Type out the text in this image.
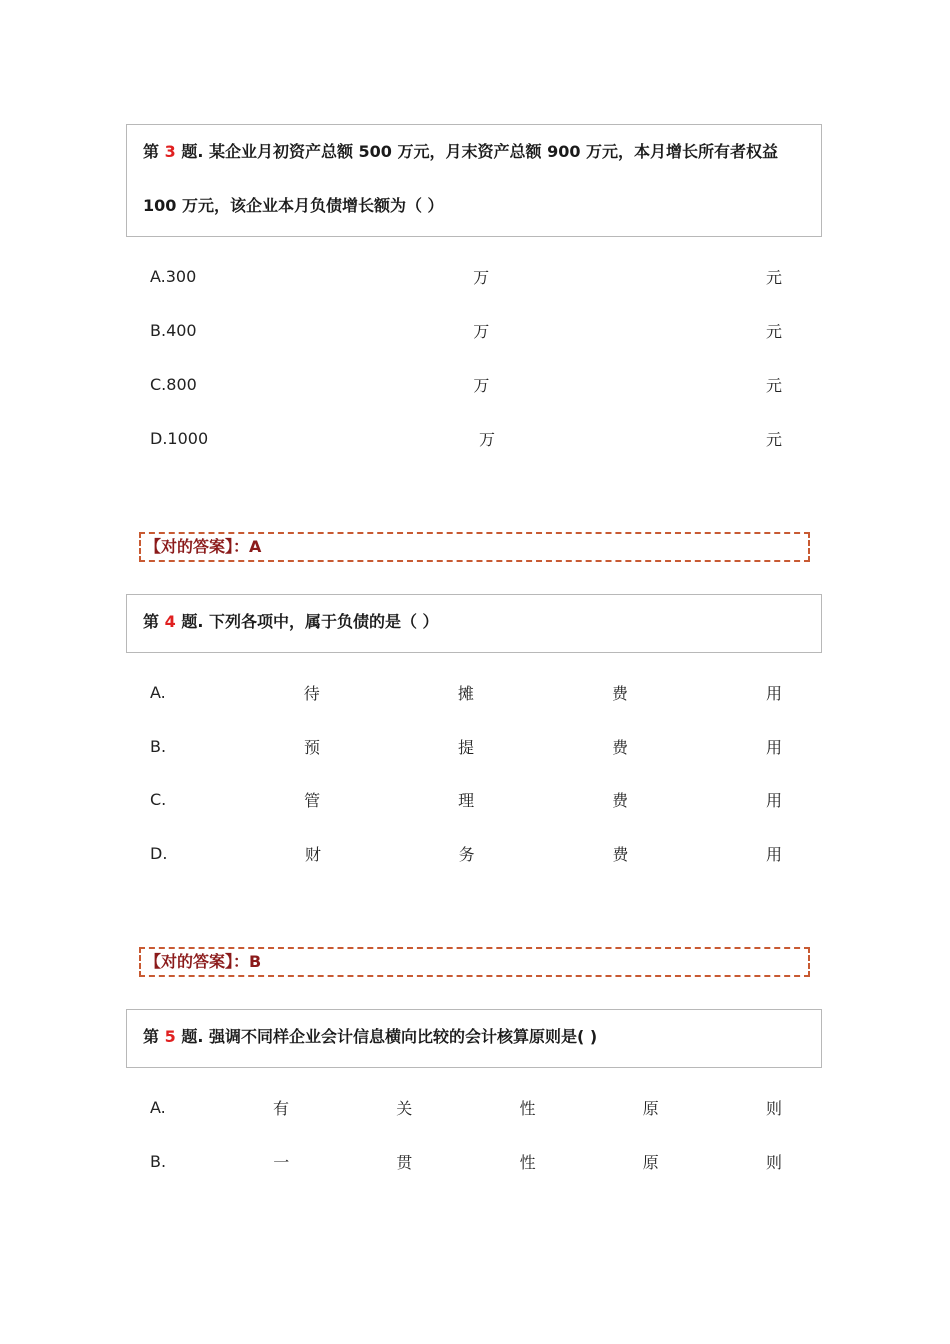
第 3 题. 某企业月初资产总额 500 万元，月末资产总额 900 万元，本月增长所有者权益
100 万元，该企业本月负债增长额为（ ）
A.300	万	元
B.400	万	元
C.800	万	元
D.1000	万	元
【对的答案】：A
第 4 题. 下列各项中，属于负债的是（ ）
A.	待	摊	费	用
B.	预	提	费	用
C.	管	理	费	用
D.	财	务	费	用
【对的答案】：B
第 5 题. 强调不同样企业会计信息横向比较的会计核算原则是( )
A.	有	关	性	原	则
B.	一	贯	性	原	则
